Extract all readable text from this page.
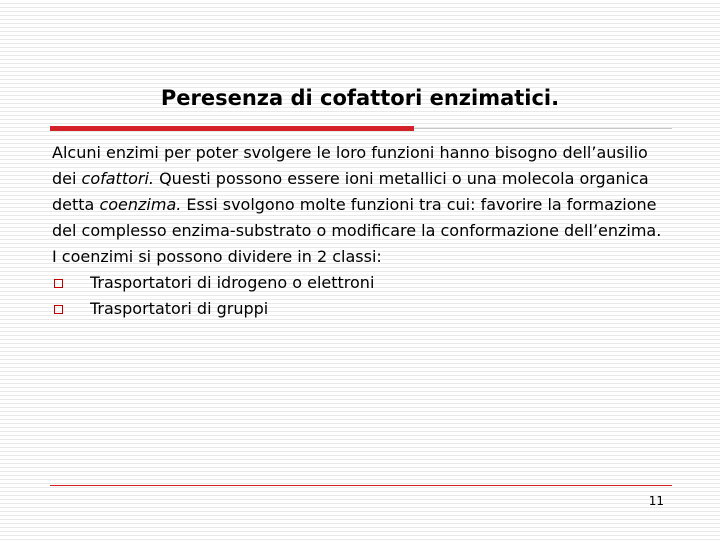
Peresenza di cofattori enzimatici.

Alcuni enzimi per poter svolgere le loro funzioni hanno bisogno dell’ausilio dei cofattori. Questi possono essere ioni metallici o una molecola organica detta coenzima. Essi svolgono molte funzioni tra cui: favorire la formazione del complesso enzima-substrato o modificare la conformazione dell’enzima.

I coenzimi si possono dividere in 2 classi:

Trasportatori di idrogeno o elettroni
Trasportatori di gruppi
11
